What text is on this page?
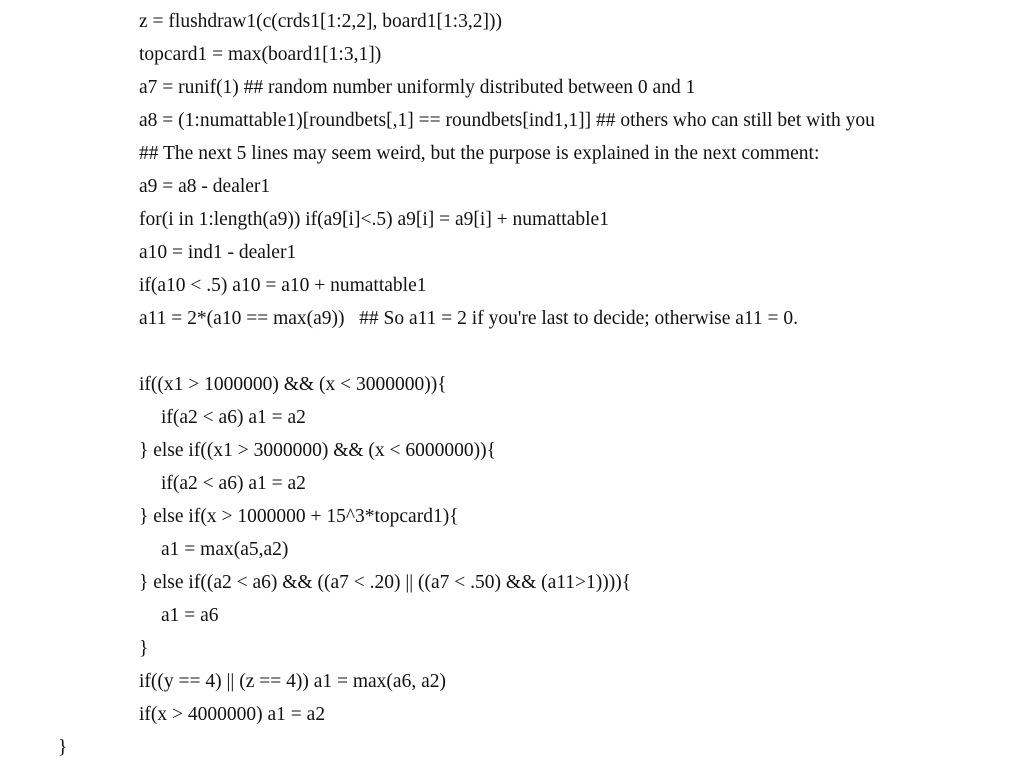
z = flushdraw1(c(crds1[1:2,2], board1[1:3,2]))
topcard1 = max(board1[1:3,1])
a7 = runif(1) ## random number uniformly distributed between 0 and 1
a8 = (1:numattable1)[roundbets[,1] == roundbets[ind1,1]] ## others who can still bet with you
## The next 5 lines may seem weird, but the purpose is explained in the next comment:
a9 = a8 - dealer1
for(i in 1:length(a9)) if(a9[i]<.5) a9[i] = a9[i] + numattable1
a10 = ind1 - dealer1
if(a10 < .5) a10 = a10 + numattable1
a11 = 2*(a10 == max(a9))   ## So a11 = 2 if you're last to decide; otherwise a11 = 0.
if((x1 > 1000000) && (x < 3000000)){
if(a2 < a6) a1 = a2
} else if((x1 > 3000000) && (x < 6000000)){
if(a2 < a6) a1 = a2
} else if(x > 1000000 + 15^3*topcard1){
a1 = max(a5,a2)
} else if((a2 < a6) && ((a7 < .20) || ((a7 < .50) && (a11>1)))){
a1 = a6
}
if((y == 4) || (z == 4)) a1 = max(a6, a2)
if(x > 4000000) a1 = a2
}
